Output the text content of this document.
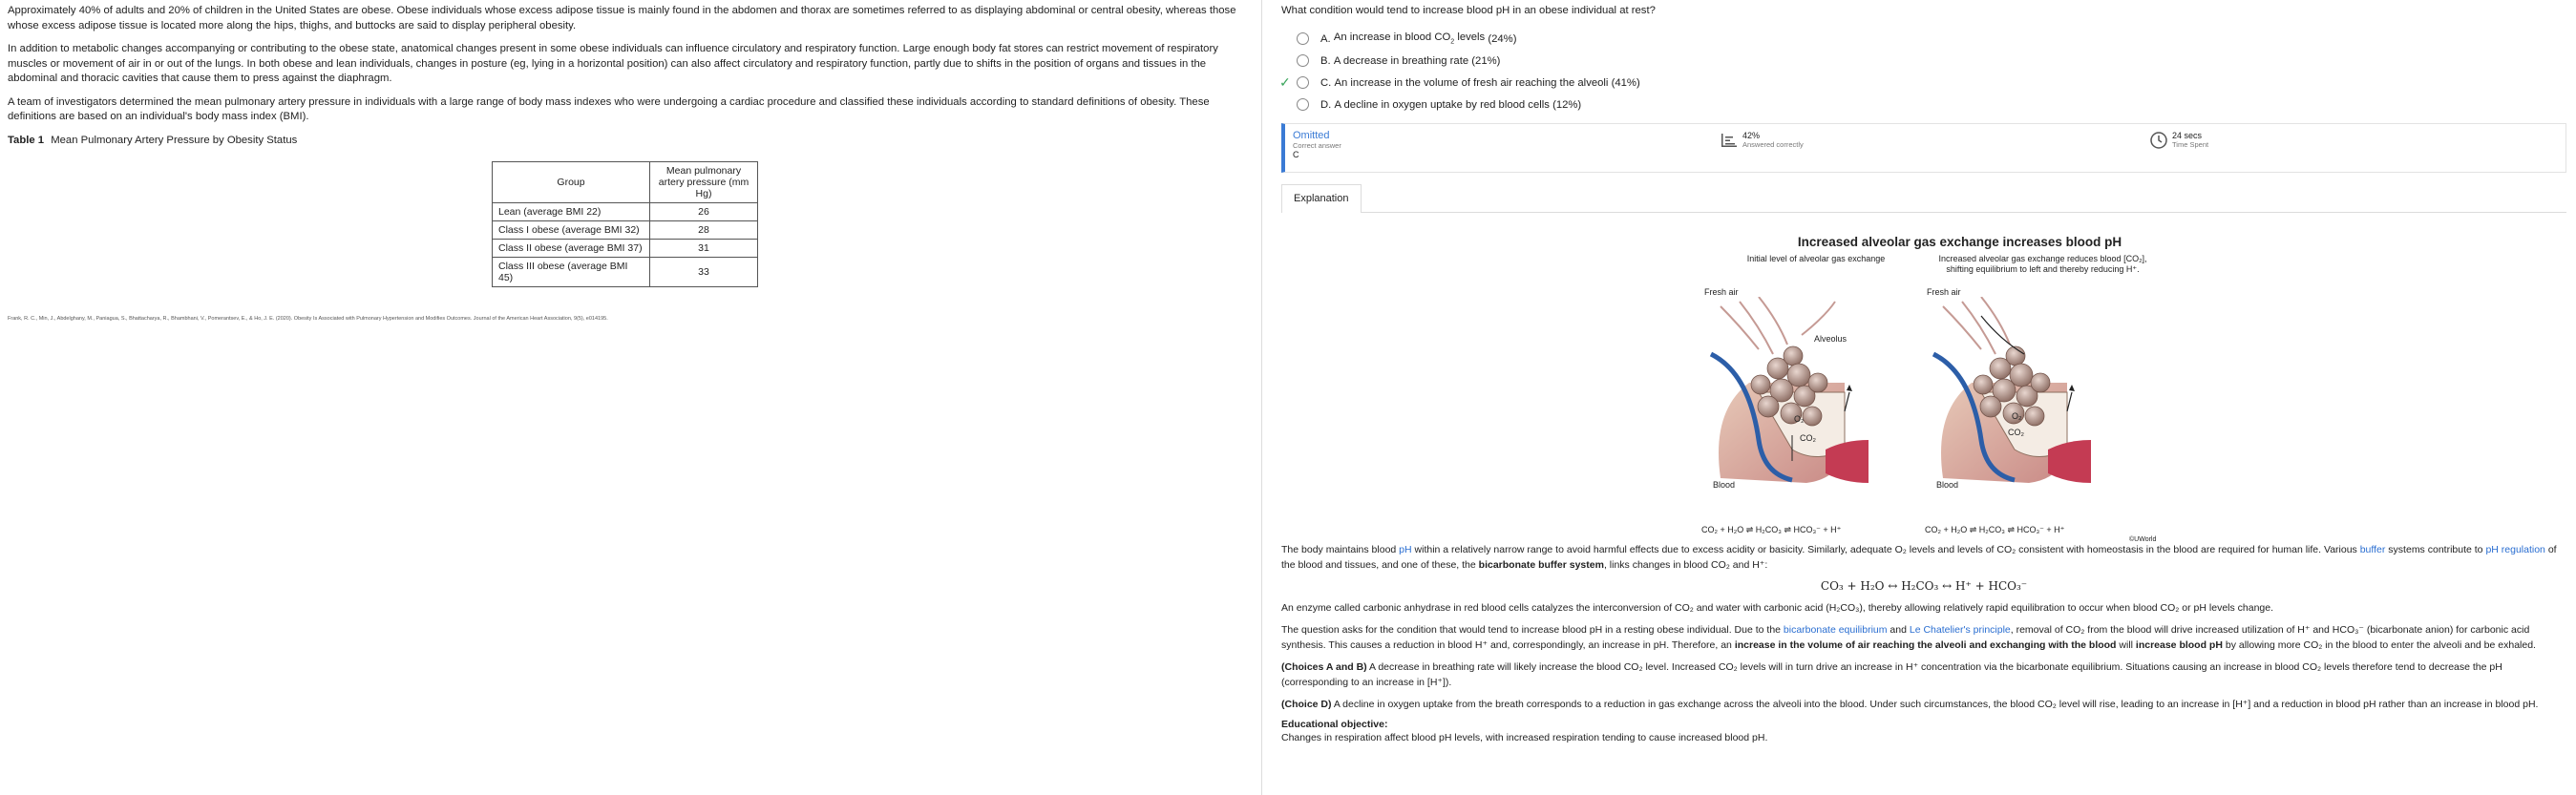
Approximately 40% of adults and 20% of children in the United States are obese. Obese individuals whose excess adipose tissue is mainly found in the abdomen and thorax are sometimes referred to as displaying abdominal or central obesity, whereas those whose excess adipose tissue is located more along the hips, thighs, and buttocks are said to display peripheral obesity.

In addition to metabolic changes accompanying or contributing to the obese state, anatomical changes present in some obese individuals can influence circulatory and respiratory function. Large enough body fat stores can restrict movement of respiratory muscles or movement of air in or out of the lungs. In both obese and lean individuals, changes in posture (eg, lying in a horizontal position) can also affect circulatory and respiratory function, partly due to shifts in the position of organs and tissues in the abdominal and thoracic cavities that cause them to press against the diaphragm.

A team of investigators determined the mean pulmonary artery pressure in individuals with a large range of body mass indexes who were undergoing a cardiac procedure and classified these individuals according to standard definitions of obesity. These definitions are based on an individual's body mass index (BMI).

Table 1 Mean Pulmonary Artery Pressure by Obesity Status
Group	Mean pulmonary artery pressure (mm Hg)
Lean (average BMI 22)	26
Class I obese (average BMI 32)	28
Class II obese (average BMI 37)	31
Class III obese (average BMI 45)	33
Frank, R. C., Min, J., Abdelghany, M., Paniagua, S., Bhattacharya, R., Bhambhani, V., Pomerantsev, E., & Ho, J. E. (2020). Obesity Is Associated with Pulmonary Hypertension and Modifies Outcomes. Journal of the American Heart Association, 9(5), e014195.
What condition would tend to increase blood pH in an obese individual at rest?
A.
An increase in blood $CO_2$ levels
(24%)
B.
A decrease in breathing rate
(21%)
✓	C.
An increase in the volume of fresh air reaching the alveoli
(41%)
D.
A decline in oxygen uptake by red blood cells
(12%)
Omitted
Correct answer
C
42%
Answered correctly
24 secs
Time Spent
Explanation
Increased alveolar gas exchange increases blood pH
Initial level of alveolar gas exchange	Increased alveolar gas exchange reduces blood [CO₂], shifting equilibrium to left and thereby reducing H⁺.
Fresh air	Fresh air
Alveolus
Blood	Blood
O₂
CO₂
O₂
CO₂
CO₂ + H₂O ⇌ H₂CO₃ ⇌ HCO₃⁻ + H⁺	CO₂ + H₂O ⇌ H₂CO₃ ⇌ HCO₃⁻ + H⁺
©UWorld

The body maintains blood pH within a relatively narrow range to avoid harmful effects due to excess acidity or basicity. Similarly, adequate O₂ levels and levels of CO₂ consistent with homeostasis in the blood are required for human life. Various buffer systems contribute to pH regulation of the blood and tissues, and one of these, the bicarbonate buffer system, links changes in blood CO₂ and H⁺:

CO₃ + H₂O ↔ H₂CO₃ ↔ H⁺ + HCO₃⁻

An enzyme called carbonic anhydrase in red blood cells catalyzes the interconversion of CO₂ and water with carbonic acid (H₂CO₃), thereby allowing relatively rapid equilibration to occur when blood CO₂ or pH levels change.

The question asks for the condition that would tend to increase blood pH in a resting obese individual. Due to the bicarbonate equilibrium and Le Chatelier's principle, removal of CO₂ from the blood will drive increased utilization of H⁺ and HCO₃⁻ (bicarbonate anion) for carbonic acid synthesis. This causes a reduction in blood H⁺ and, correspondingly, an increase in pH. Therefore, an increase in the volume of air reaching the alveoli and exchanging with the blood will increase blood pH by allowing more CO₂ in the blood to enter the alveoli and be exhaled.

(Choices A and B) A decrease in breathing rate will likely increase the blood CO₂ level. Increased CO₂ levels will in turn drive an increase in H⁺ concentration via the bicarbonate equilibrium. Situations causing an increase in blood CO₂ levels therefore tend to decrease the pH (corresponding to an increase in [H⁺]).

(Choice D) A decline in oxygen uptake from the breath corresponds to a reduction in gas exchange across the alveoli into the blood. Under such circumstances, the blood CO₂ level will rise, leading to an increase in [H⁺] and a reduction in blood pH rather than an increase in blood pH.

Educational objective:

Changes in respiration affect blood pH levels, with increased respiration tending to cause increased blood pH.
